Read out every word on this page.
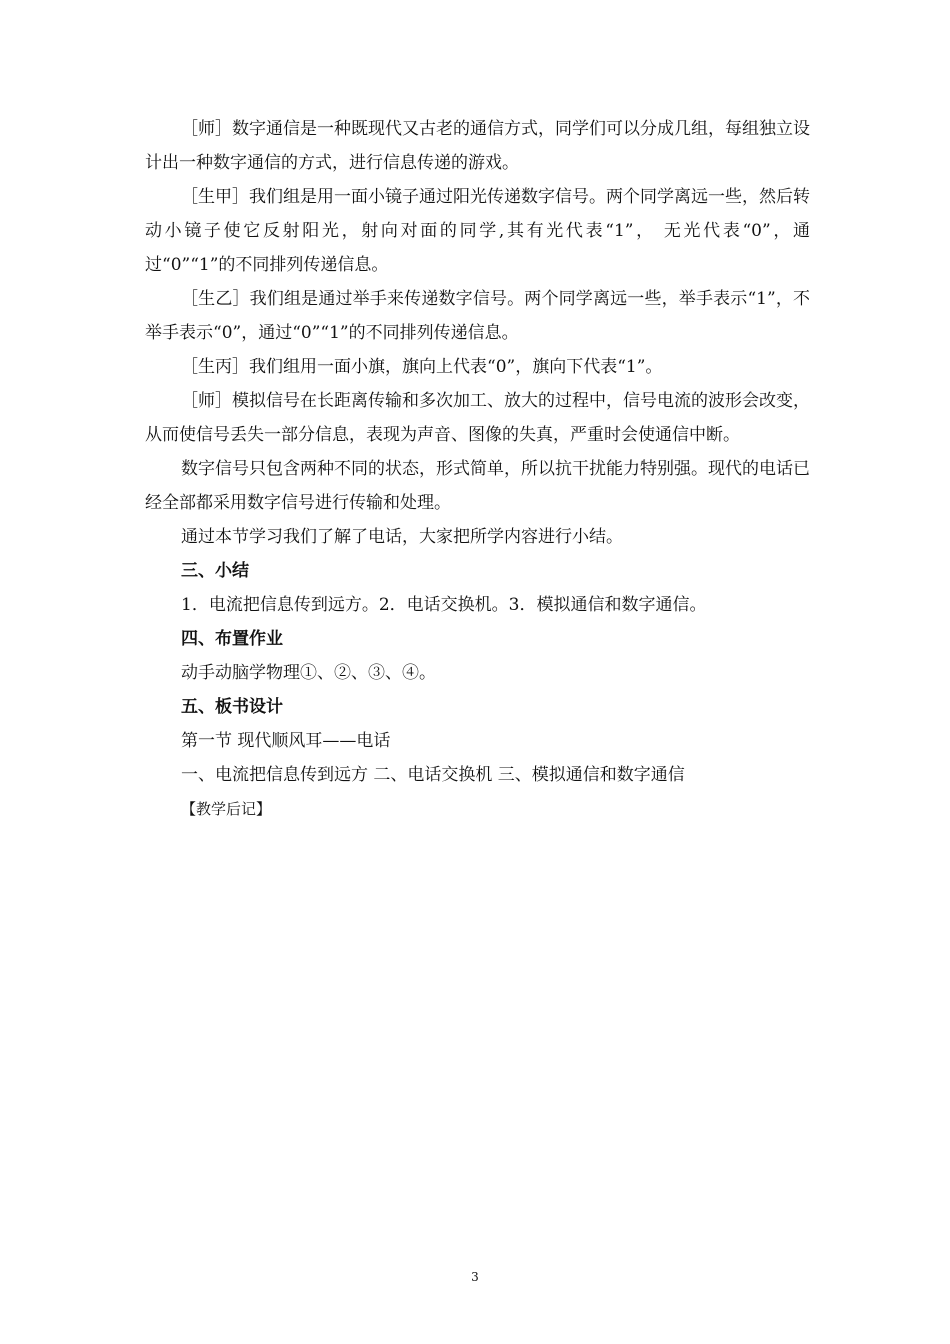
［师］数字通信是一种既现代又古老的通信方式，同学们可以分成几组，每组独立设计出一种数字通信的方式，进行信息传递的游戏。

［生甲］我们组是用一面小镜子通过阳光传递数字信号。两个同学离远一些，然后转动小镜子使它反射阳光，射向对面的同学,其有光代表“1”， 无光代表“0”，通过“0”“1”的不同排列传递信息。

［生乙］我们组是通过举手来传递数字信号。两个同学离远一些，举手表示“1”，不举手表示“0”，通过“0”“1”的不同排列传递信息。

［生丙］我们组用一面小旗，旗向上代表“0”，旗向下代表“1”。

［师］模拟信号在长距离传输和多次加工、放大的过程中，信号电流的波形会改变，从而使信号丢失一部分信息，表现为声音、图像的失真，严重时会使通信中断。

数字信号只包含两种不同的状态，形式简单，所以抗干扰能力特别强。现代的电话已经全部都采用数字信号进行传输和处理。

通过本节学习我们了解了电话，大家把所学内容进行小结。

三、小结

1．电流把信息传到远方。2．电话交换机。3．模拟通信和数字通信。

四、布置作业

动手动脑学物理①、②、③、④。

五、板书设计

第一节 现代顺风耳——电话

一、电流把信息传到远方 二、电话交换机 三、模拟通信和数字通信

【教学后记】

3
